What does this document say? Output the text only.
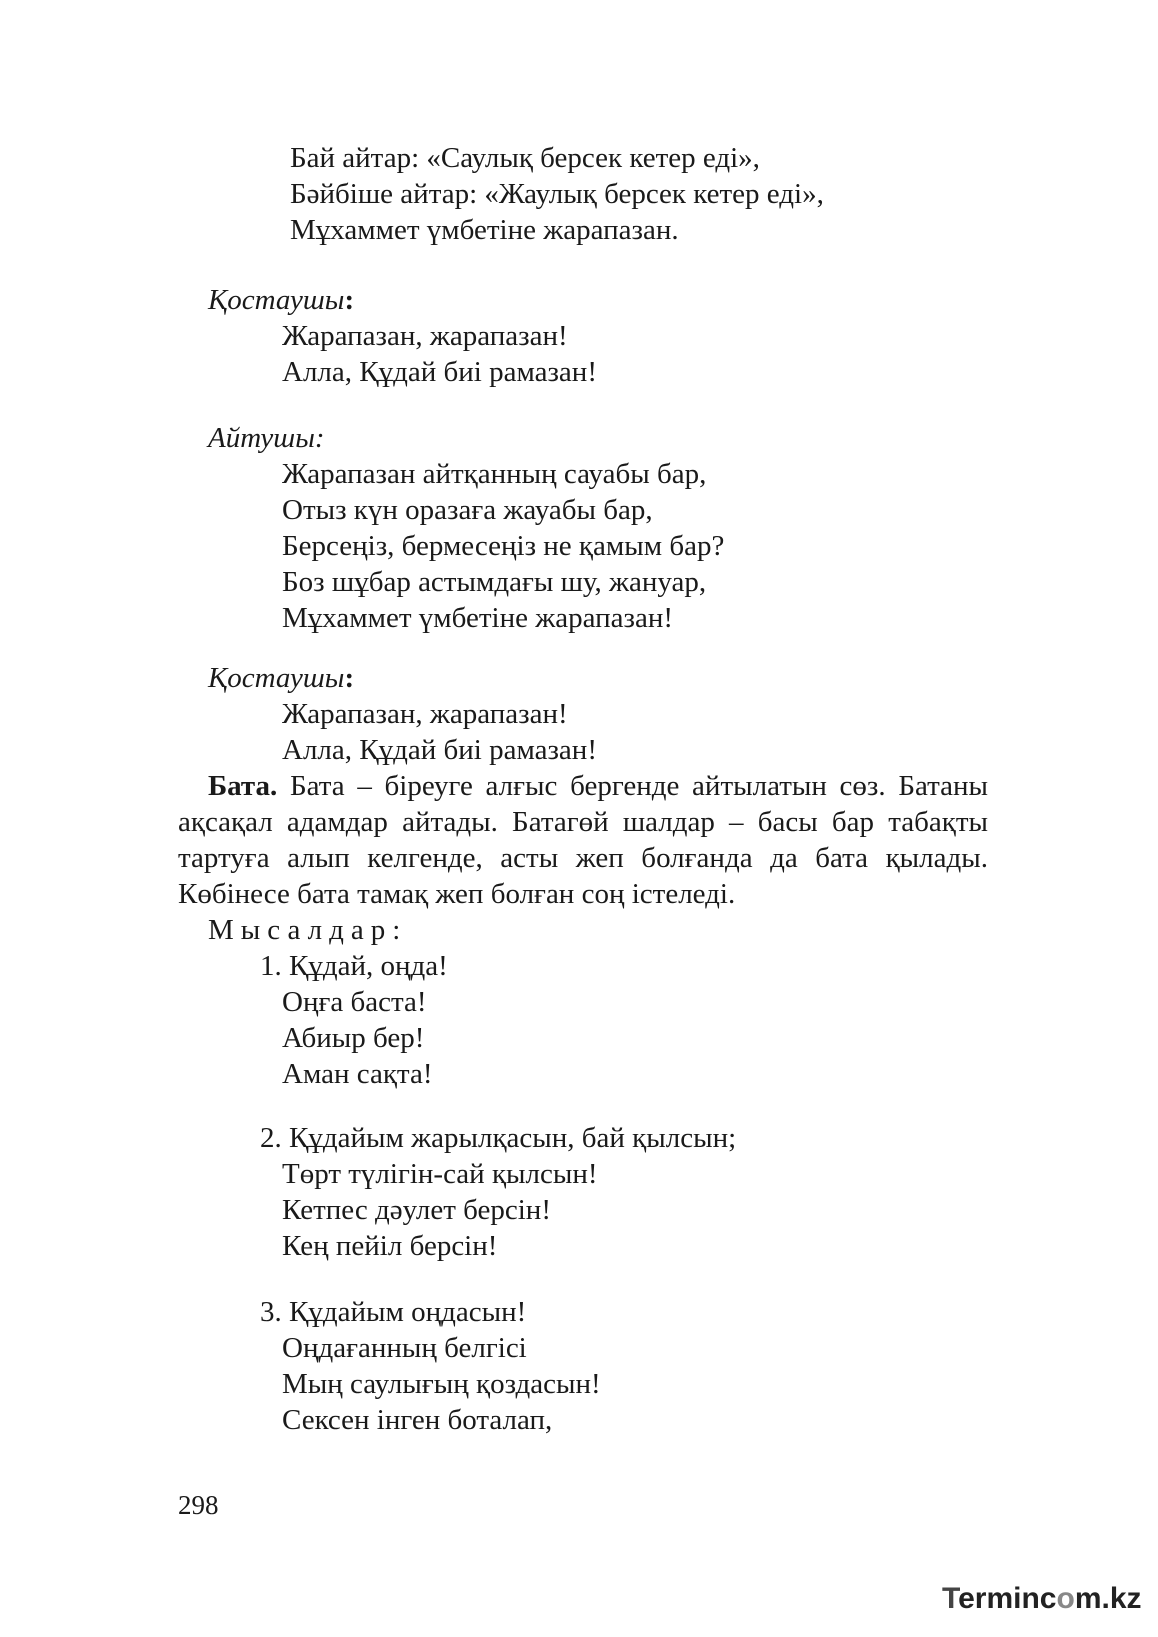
Бай айтар: «Саулық берсек кетер еді»,
Бәйбіше айтар: «Жаулық берсек кетер еді»,
Мұхаммет үмбетіне жарапазан.
Қостаушы:
Жарапазан, жарапазан!
Алла, Құдай биі рамазан!
Айтушы:
Жарапазан айтқанның сауабы бар,
Отыз күн оразаға жауабы бар,
Берсеңіз, бермесеңіз не қамым бар?
Боз шұбар астымдағы шу, жануар,
Мұхаммет үмбетіне жарапазан!
Қостаушы:
Жарапазан, жарапазан!
Алла, Құдай биі рамазан!
Бата. Бата – біреуге алғыс бергенде айтылатын сөз. Батаны ақсақал адамдар айтады. Батагөй шалдар – басы бар табақты тартуға алып келгенде, асты жеп болғанда да бата қылады. Көбінесе бата тамақ жеп болған соң істеледі.
Мысалдар:
1. Құдай, оңда!
Оңға баста!
Абиыр бер!
Аман сақта!
2. Құдайым жарылқасын, бай қылсын;
Төрт түлігін-сай қылсын!
Кетпес дәулет берсін!
Кең пейіл берсін!
3. Құдайым оңдасын!
Оңдағанның белгісі
Мың саулығың қоздасын!
Сексен інген боталап,
298
Termincom.kz
